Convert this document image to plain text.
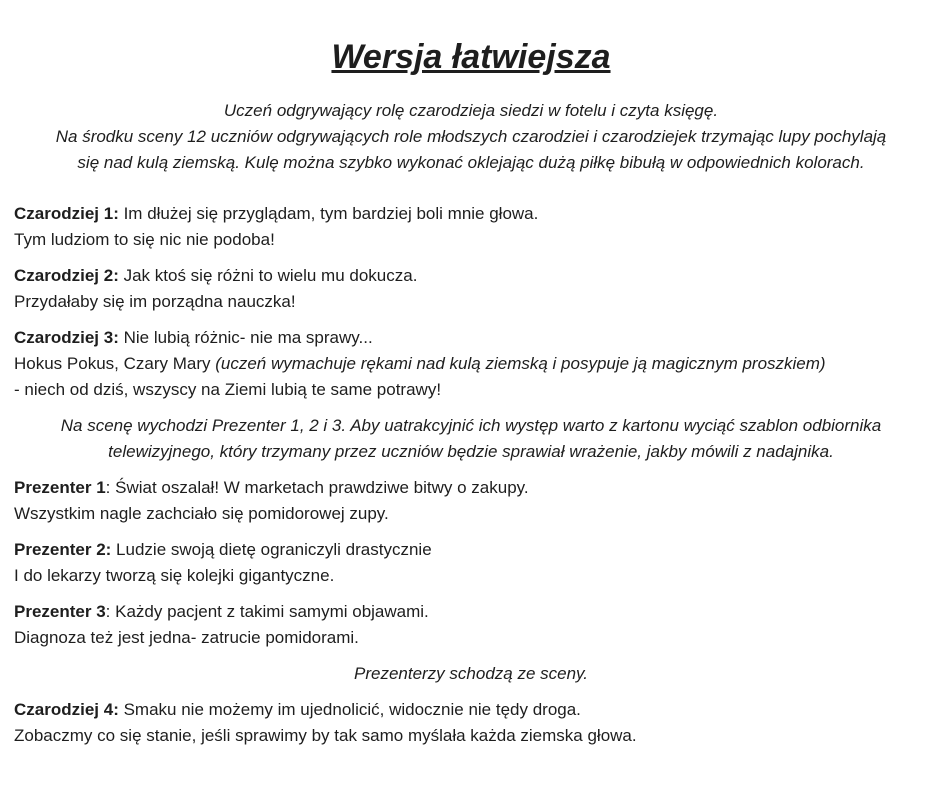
Wersja łatwiejsza
Uczeń odgrywający rolę czarodzieja siedzi w fotelu i czyta księgę.
Na środku sceny 12 uczniów odgrywających role młodszych czarodziei i czarodziejek trzymając lupy pochylają
się nad kulą ziemską. Kulę można szybko wykonać oklejając dużą piłkę bibułą w odpowiednich kolorach.
Czarodziej 1: Im dłużej się przyglądam, tym bardziej boli mnie głowa.
Tym ludziom to się nic nie podoba!
Czarodziej 2: Jak ktoś się różni to wielu mu dokucza.
Przydałaby się im porządna nauczka!
Czarodziej 3: Nie lubią różnic- nie ma sprawy...
Hokus Pokus, Czary Mary (uczeń wymachuje rękami nad kulą ziemską i posypuje ją magicznym proszkiem)
- niech od dziś, wszyscy na Ziemi lubią te same potrawy!
Na scenę wychodzi Prezenter 1, 2 i 3. Aby uatrakcyjnić ich występ warto z kartonu wyciąć szablon odbiornika
telewizyjnego, który trzymany przez uczniów będzie sprawiał wrażenie, jakby mówili z nadajnika.
Prezenter 1: Świat oszalał! W marketach prawdziwe bitwy o zakupy.
Wszystkim nagle zachciało się pomidorowej zupy.
Prezenter 2: Ludzie swoją dietę ograniczyli drastycznie
I do lekarzy tworzą się kolejki gigantyczne.
Prezenter 3: Każdy pacjent z takimi samymi objawami.
Diagnoza też jest jedna- zatrucie pomidorami.
Prezenterzy schodzą ze sceny.
Czarodziej 4: Smaku nie możemy im ujednolicić, widocznie nie tędy droga.
Zobaczmy co się stanie, jeśli sprawimy by tak samo myślała każda ziemska głowa.
